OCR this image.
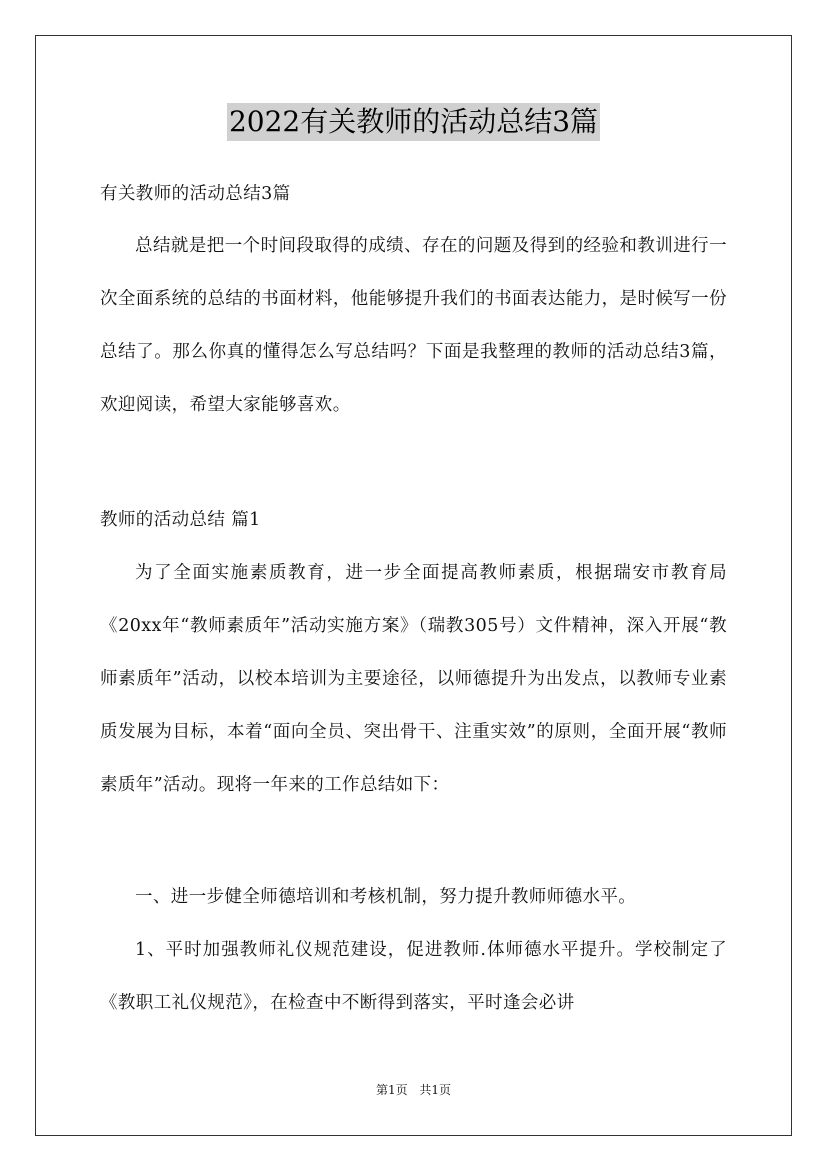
2022有关教师的活动总结3篇

有关教师的活动总结3篇

总结就是把一个时间段取得的成绩、存在的问题及得到的经验和教训进行一次全面系统的总结的书面材料，他能够提升我们的书面表达能力，是时候写一份总结了。那么你真的懂得怎么写总结吗？下面是我整理的教师的活动总结3篇，欢迎阅读，希望大家能够喜欢。

教师的活动总结 篇1

为了全面实施素质教育，进一步全面提高教师素质，根据瑞安市教育局《20xx年“教师素质年”活动实施方案》（瑞教305号）文件精神，深入开展“教师素质年”活动，以校本培训为主要途径，以师德提升为出发点，以教师专业素质发展为目标，本着“面向全员、突出骨干、注重实效”的原则，全面开展“教师素质年”活动。现将一年来的工作总结如下：

一、进一步健全师德培训和考核机制，努力提升教师师德水平。

1、平时加强教师礼仪规范建设，促进教师.体师德水平提升。学校制定了《教职工礼仪规范》，在检查中不断得到落实，平时逢会必讲

第1页 共1页
